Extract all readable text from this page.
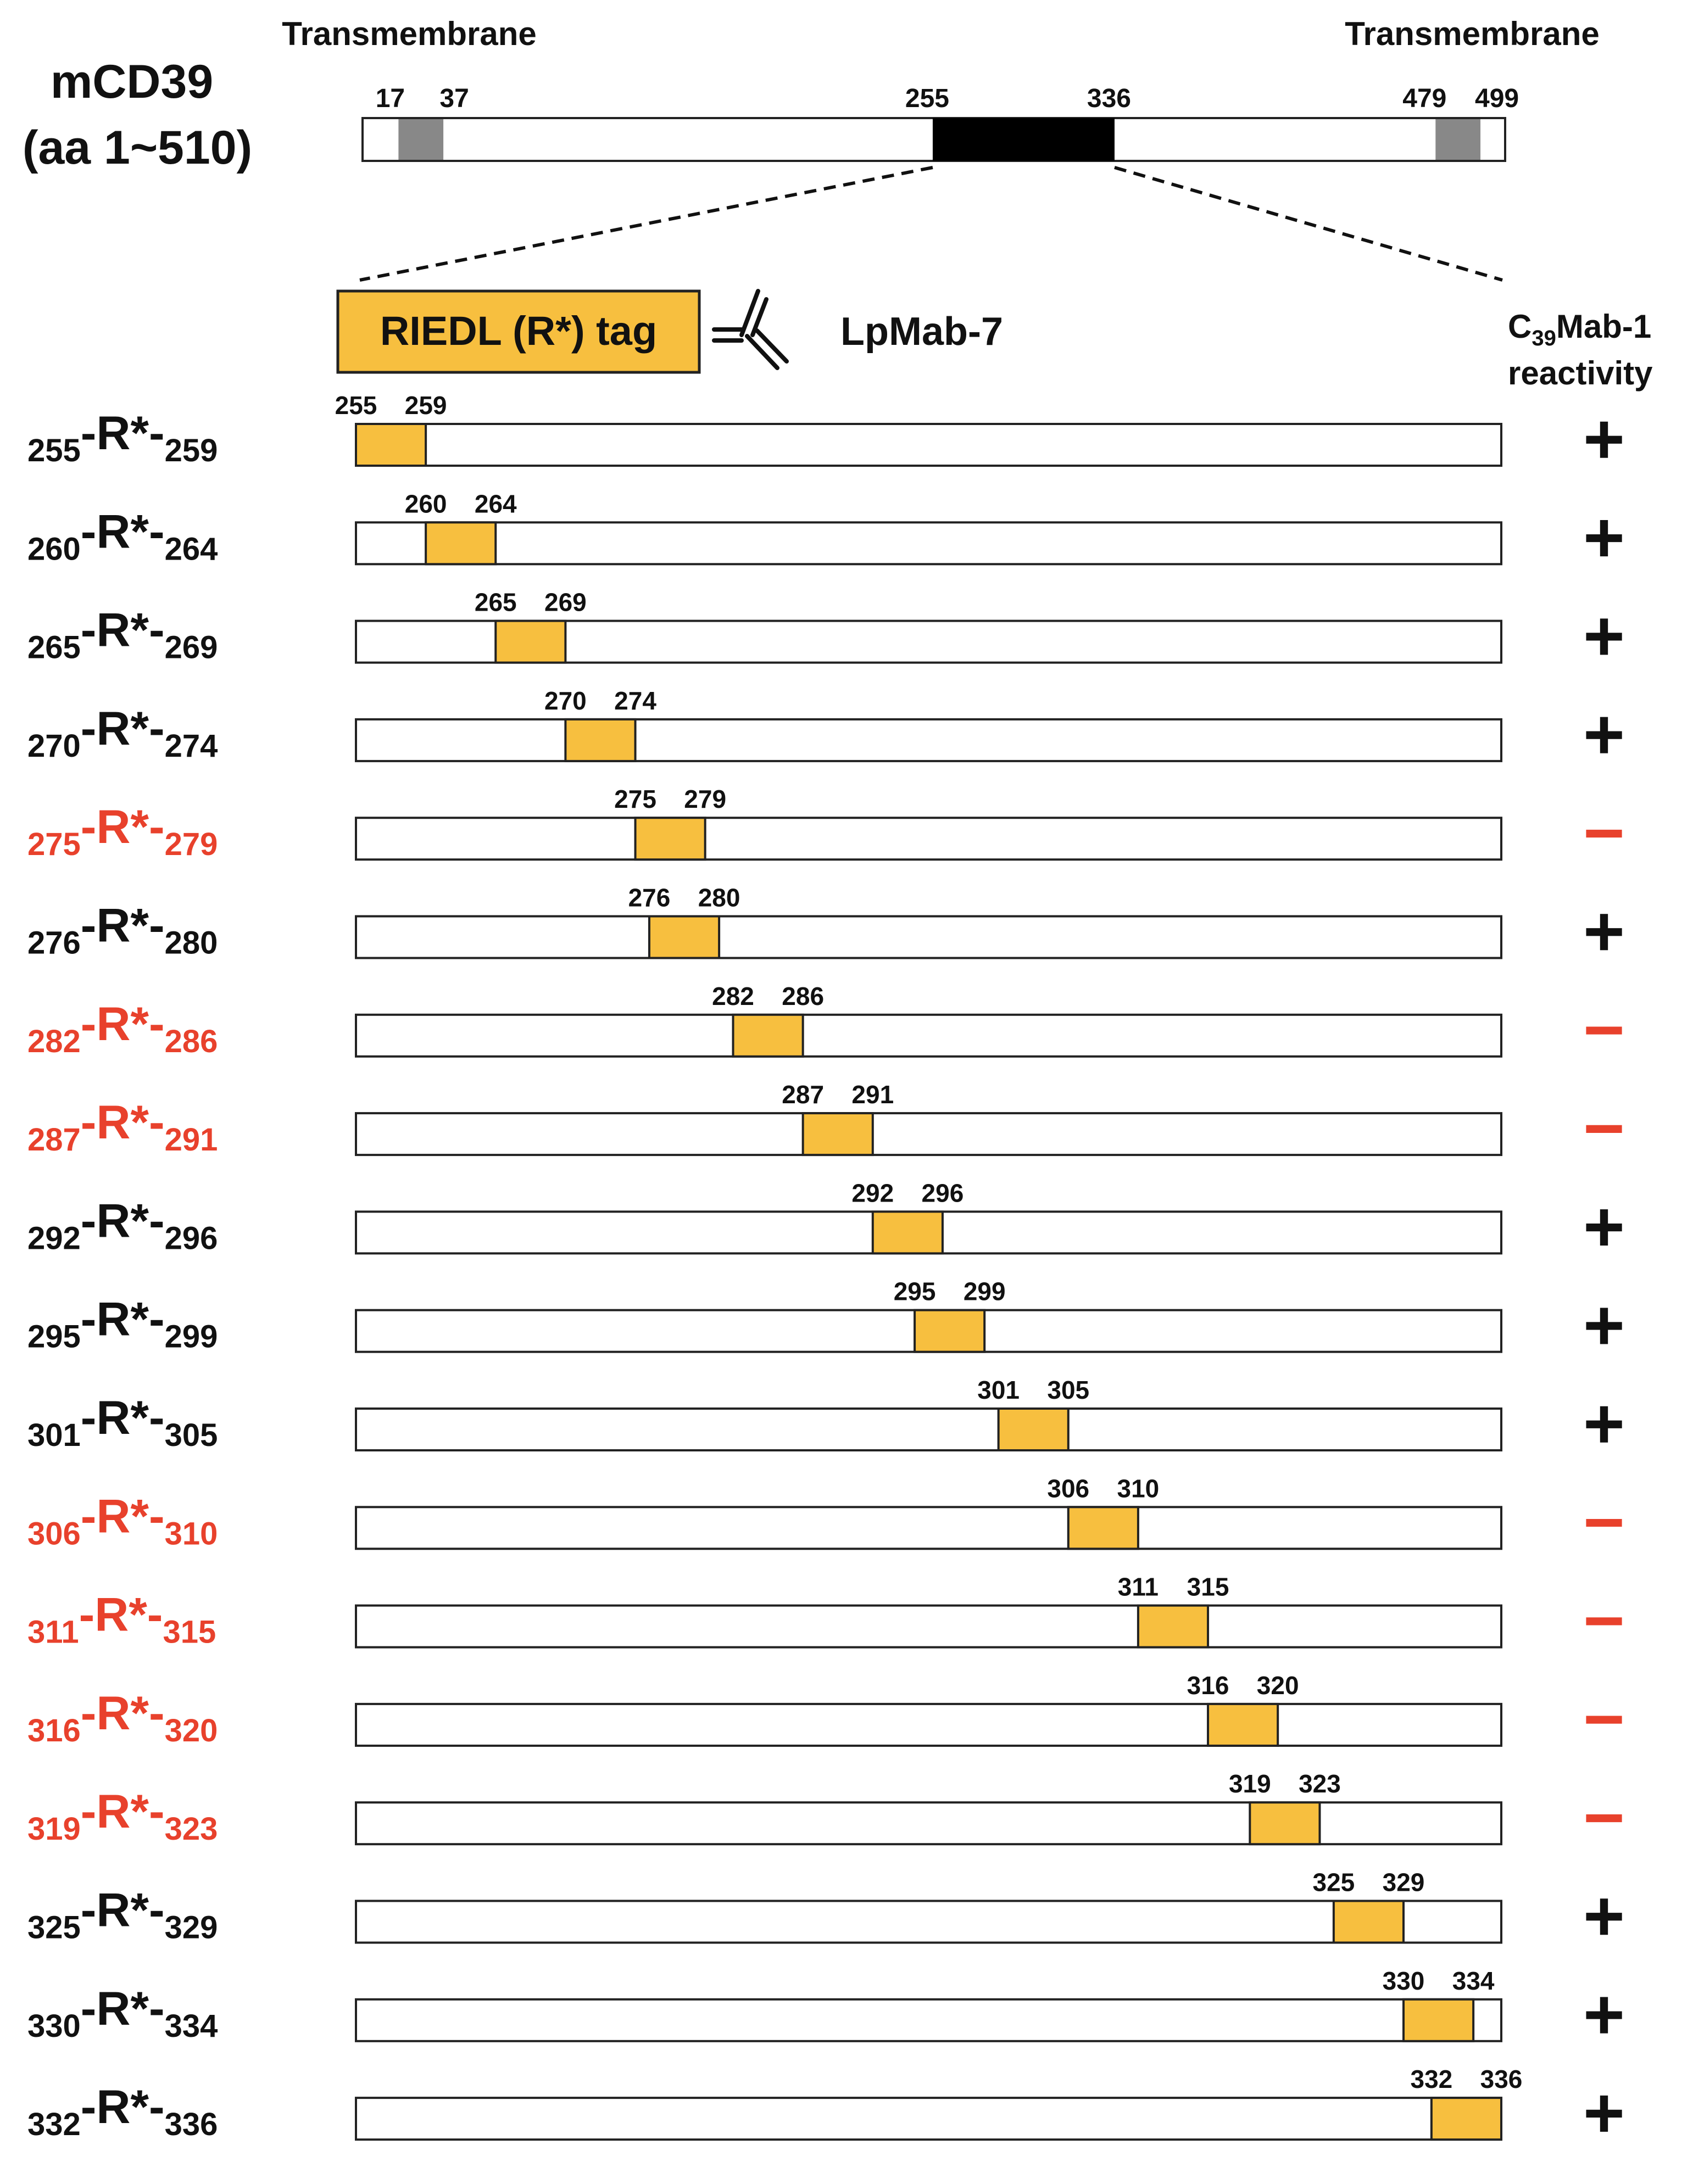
mCD39
(aa 1~510)
Transmembrane	Transmembrane
17 37	479 499
255	336
RIEDL (R*) tag	LpMab-7	$C_{39}Mab-1$
reactivity
255-R*-259
255 259	+
260-R*-264
260 264	+
265-R*-269
265 269	+
270-R*-274
270 274	+
275-R*-279
275 279	−
276-R*-280
276 280	+
282-R*-286
282 286	−
287-R*-291
287 291	−
292-R*-296
292 296	+
295-R*-299
295 299	+
301-R*-305
301 305	+
306-R*-310
306 310	−
311-R*-315
311 315	−
316-R*-320
316 320	−
319-R*-323
319 323	−
325-R*-329
325 329 +
330-R*-334
330 334 +
332-R*-336
332 336 +
